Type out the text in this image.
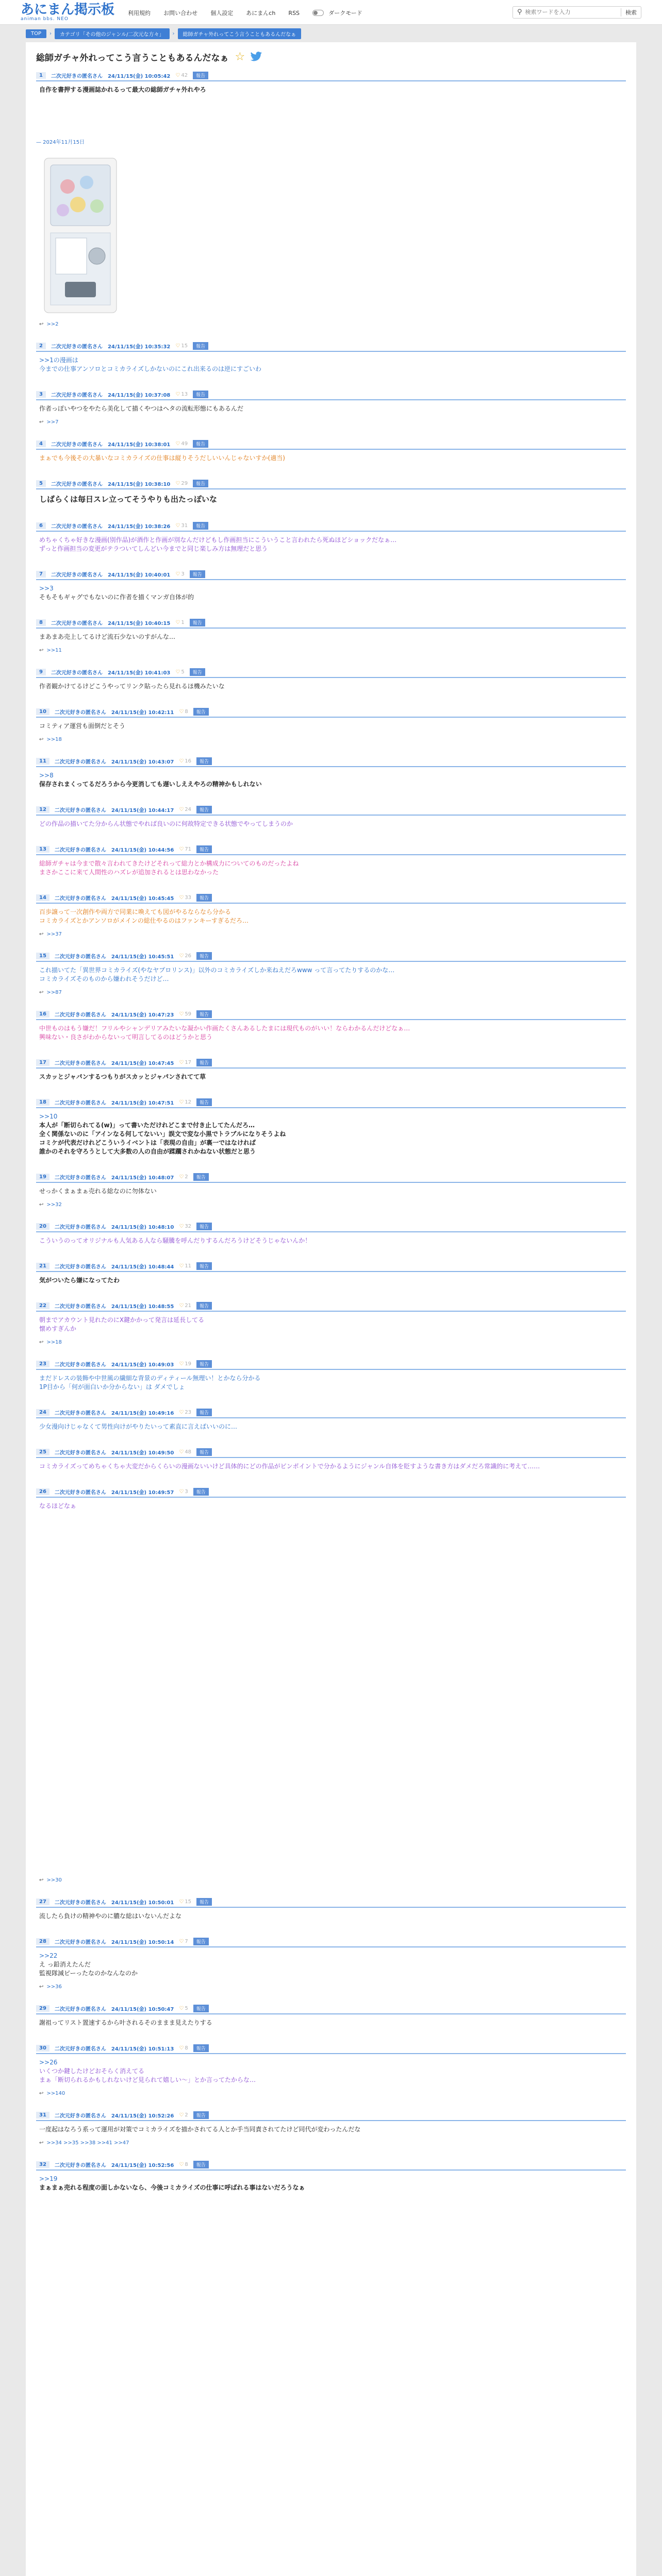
あにまん掲示板
animan bbs. NEO
利用規約 お問い合わせ 個人設定 あにまんch RSS	ダークモード	⚲
検索ワードを入力	検索
TOP	›	カテゴリ「その他のジャンル/二次元な方々」	›	総師ガチャ外れってこう言うこともあるんだなぁ
総師ガチャ外れってこう言うこともあるんだなぁ ☆
1	二次元好きの匿名さん 24/11/15(金) 10:05:42 ♡ 42	報告
自作を書押する漫画誌かれるって最大の総師ガチャ外れやろ
— 2024年11月15日
↩ >>2
2	二次元好きの匿名さん 24/11/15(金) 10:35:32 ♡ 15	報告
>>1の漫画は
今までの仕事アンソロとコミカライズしかないのにこれ出来るのは逆にすごいわ
3	二次元好きの匿名さん 24/11/15(金) 10:37:08 ♡ 13	報告
作者っぽいやつをやたら美化して描くやつはヘタの流転形態にもあるんだ
↩ >>7
4	二次元好きの匿名さん 24/11/15(金) 10:38:01 ♡ 49	報告
まぁでも今後その大暴いなコミカライズの仕事は縦りそうだしいいんじゃないすか(適当)
5	二次元好きの匿名さん 24/11/15(金) 10:38:10 ♡ 29	報告
しばらくは毎日スレ立ってそうやりも出たっぽいな
6	二次元好きの匿名さん 24/11/15(金) 10:38:26 ♡ 31	報告
めちゃくちゃ好きな漫画(別作品)が酒作と作画が別なんだけどもし作画担当にこういうこと言われたら死ぬほどショックだなぁ…
ずっと作画担当の変更がテラついてしんどい今までと同じ楽しみ方は無理だと思う
7	二次元好きの匿名さん 24/11/15(金) 10:40:01 ♡ 3	報告
>>3
そもそもギャグでもないのに作者を描くマンガ自体が的
8	二次元好きの匿名さん 24/11/15(金) 10:40:15 ♡ 1	報告
まあまあ売上してるけど流石少ないのすがんな…
↩ >>11
9	二次元好きの匿名さん 24/11/15(金) 10:41:03 ♡ 5	報告
作者観かけてるけどこうやってリンク貼ったら見れるほ機みたいな
10	二次元好きの匿名さん 24/11/15(金) 10:42:11 ♡ 8	報告
コミティア運営も面倒だとそう
↩ >>18
11	二次元好きの匿名さん 24/11/15(金) 10:43:07 ♡ 16	報告
>>8
保存されまくってるだろうから今更消しても遅いしええやろの精神かもしれない
12	二次元好きの匿名さん 24/11/15(金) 10:44:17 ♡ 24	報告
どの作品の描いてた分からん状態でやれば良いのに何故特定できる状態でやってしまうのか
13	二次元好きの匿名さん 24/11/15(金) 10:44:56 ♡ 71	報告
総師ガチャは今まで散々言われてきたけどそれって総力とか構成力についてのものだったよね
まさかここに来て人間性のハズレが追加されるとは思わなかった
14	二次元好きの匿名さん 24/11/15(金) 10:45:45 ♡ 33	報告
百歩譲って一次創作や両方で同業に喚えても図がやるならなら分かる
コミカライズとかアンソロがメインの総仕やるのはファンキーすぎるだろ…
↩ >>37
15	二次元好きの匿名さん 24/11/15(金) 10:45:51 ♡ 26	報告
これ描いてた「異世界コミカライズ(やなヤプロリンス)」以外のコミカライズしか来ねえだろwww って言ってたりするのかな…
コミカライズそのものから嫌われそうだけど…
↩ >>87
16	二次元好きの匿名さん 24/11/15(金) 10:47:23 ♡ 59	報告
中世ものはもう嫌だ！フリルやシャンデリアみたいな凝かい作画たくさんあるしたまには現代ものがいい！ならわかるんだけどなぁ…
興味ない・良さがわからないって明言してるのはどうかと思う
17	二次元好きの匿名さん 24/11/15(金) 10:47:45 ♡ 17	報告
スカッとジャパンするつもりがスカッとジャパンされてて草
18	二次元好きの匿名さん 24/11/15(金) 10:47:51 ♡ 12	報告
>>10
本人が「断切られてる(w)」って書いただけれどこまで付き止してたんだろ…
全く関係ないのに「アインなる何してないい」誤文で変な小黒でトラブルになりそうよね
コミケが代表だけれどこういうイベントは「表現の自由」が裏一ではなければ
誰かのそれを守ろうとして大多数の人の自由が蹂躙されかねない状態だと思う
19	二次元好きの匿名さん 24/11/15(金) 10:48:07 ♡ 2	報告
せっかくまぁまぁ売れる総なのに勿体ない
↩ >>32
20	二次元好きの匿名さん 24/11/15(金) 10:48:10 ♡ 32	報告
こういうのってオリジナルも人気ある人なら騒騰を呼んだりするんだろうけどそうじゃないんか！
21	二次元好きの匿名さん 24/11/15(金) 10:48:44 ♡ 11	報告
気がついたら嫌になってたわ
22	二次元好きの匿名さん 24/11/15(金) 10:48:55 ♡ 21	報告
朝までアカウント見れたのにX鍵かかって発言は延長してる
懐めすぎんか
↩ >>18
23	二次元好きの匿名さん 24/11/15(金) 10:49:03 ♡ 19	報告
まだドレスの装飾や中世風の繊細な背景のディティール無理い！とかなら分かる
1P目から「何が面白いか分からない」は ダメでしょ
24	二次元好きの匿名さん 24/11/15(金) 10:49:16 ♡ 23	報告
少女漫向けじゃなくて男性向けがやりたいって素直に言えばいいのに…
25	二次元好きの匿名さん 24/11/15(金) 10:49:50 ♡ 48	報告
コミカライズってめちゃくちゃ大変だからくらいの漫画ないいけど具体的にどの作品がビンポイントで分かるようにジャンル自体を貶すような書き方はダメだろ常識的に考えて……
26	二次元好きの匿名さん 24/11/15(金) 10:49:57 ♡ 3	報告
なるほどなぁ
↩ >>30
27	二次元好きの匿名さん 24/11/15(金) 10:50:01 ♡ 15	報告
流したら負けの精神やのに膿な総はいないんだよな
28	二次元好きの匿名さん 24/11/15(金) 10:50:14 ♡ 7	報告
>>22
え っ鉛消えたんだ
監視隊減ピーったなのかなんなのか
↩ >>36
29	二次元好きの匿名さん 24/11/15(金) 10:50:47 ♡ 5	報告
謝祖ってリスト置速するから叶されるそのままま見えたりする
30	二次元好きの匿名さん 24/11/15(金) 10:51:13 ♡ 8	報告
>>26
いくつか鍵したけどおそらく消えてる
まぁ「断切られるかもしれないけど見られて嬉しい〜」とか言ってたからな…
↩ >>140
31	二次元好きの匿名さん 24/11/15(金) 10:52:26 ♡ 2	報告
一度起はなろう系って運用が対策でコミカライズを描かされてる人とか手当同責されてたけど同代が変わったんだな
↩ >>34 >>35 >>38 >>41 >>47
32	二次元好きの匿名さん 24/11/15(金) 10:52:56 ♡ 8	報告
>>19
まぁまぁ売れる程度の面しかないなら、今後コミカライズの仕事に呼ばれる事はないだろうなぁ
